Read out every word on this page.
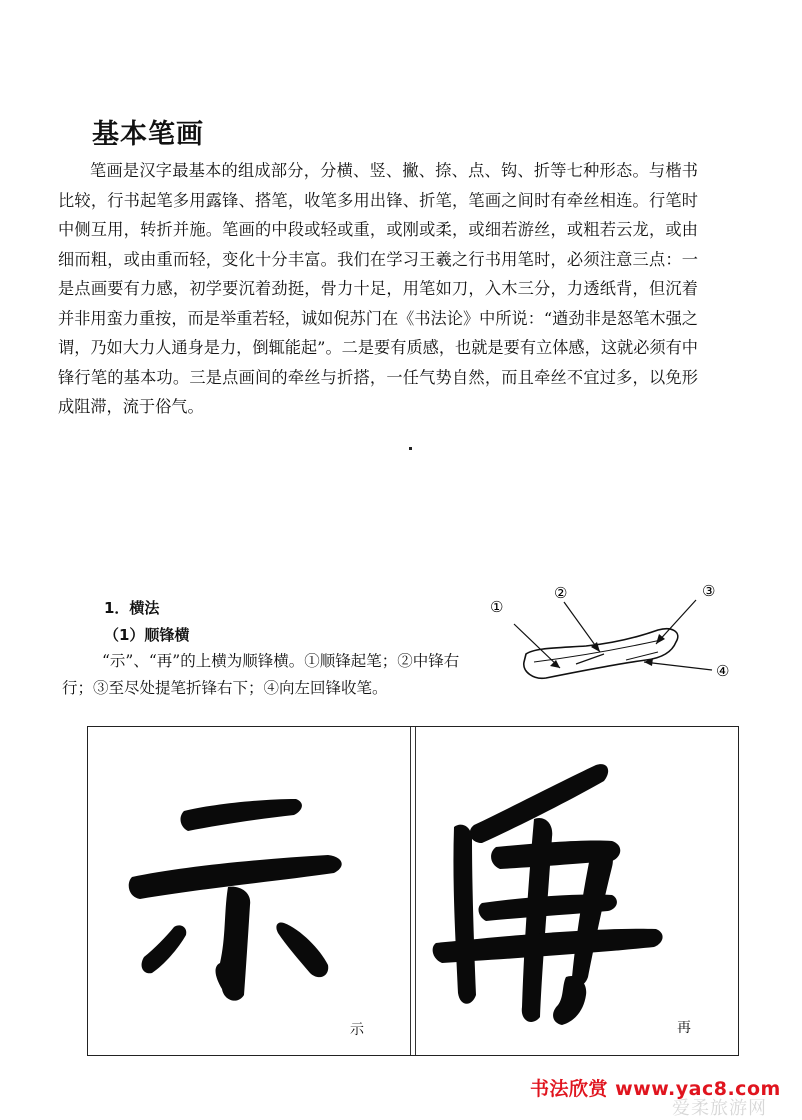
基本笔画

笔画是汉字最基本的组成部分，分横、竖、撇、捺、点、钩、折等七种形态。与楷书比较，行书起笔多用露锋、搭笔，收笔多用出锋、折笔，笔画之间时有牵丝相连。行笔时中侧互用，转折并施。笔画的中段或轻或重，或刚或柔，或细若游丝，或粗若云龙，或由细而粗，或由重而轻，变化十分丰富。我们在学习王羲之行书用笔时，必须注意三点：一是点画要有力感，初学要沉着劲挺，骨力十足，用笔如刀，入木三分，力透纸背，但沉着并非用蛮力重按，而是举重若轻，诚如倪苏门在《书法论》中所说：“遒劲非是怒笔木强之谓，乃如大力人通身是力，倒辄能起”。二是要有质感，也就是要有立体感，这就必须有中锋行笔的基本功。三是点画间的牵丝与折搭，一任气势自然，而且牵丝不宜过多，以免形成阻滞，流于俗气。

1．横法
（1）顺锋横

“示”、“再”的上横为顺锋横。①顺锋起笔；②中锋右行；③至尽处提笔折锋右下；④向左回锋收笔。

①
②	③
④
示	再
书法欣赏 www.yac8.com
爱柔旅游网
